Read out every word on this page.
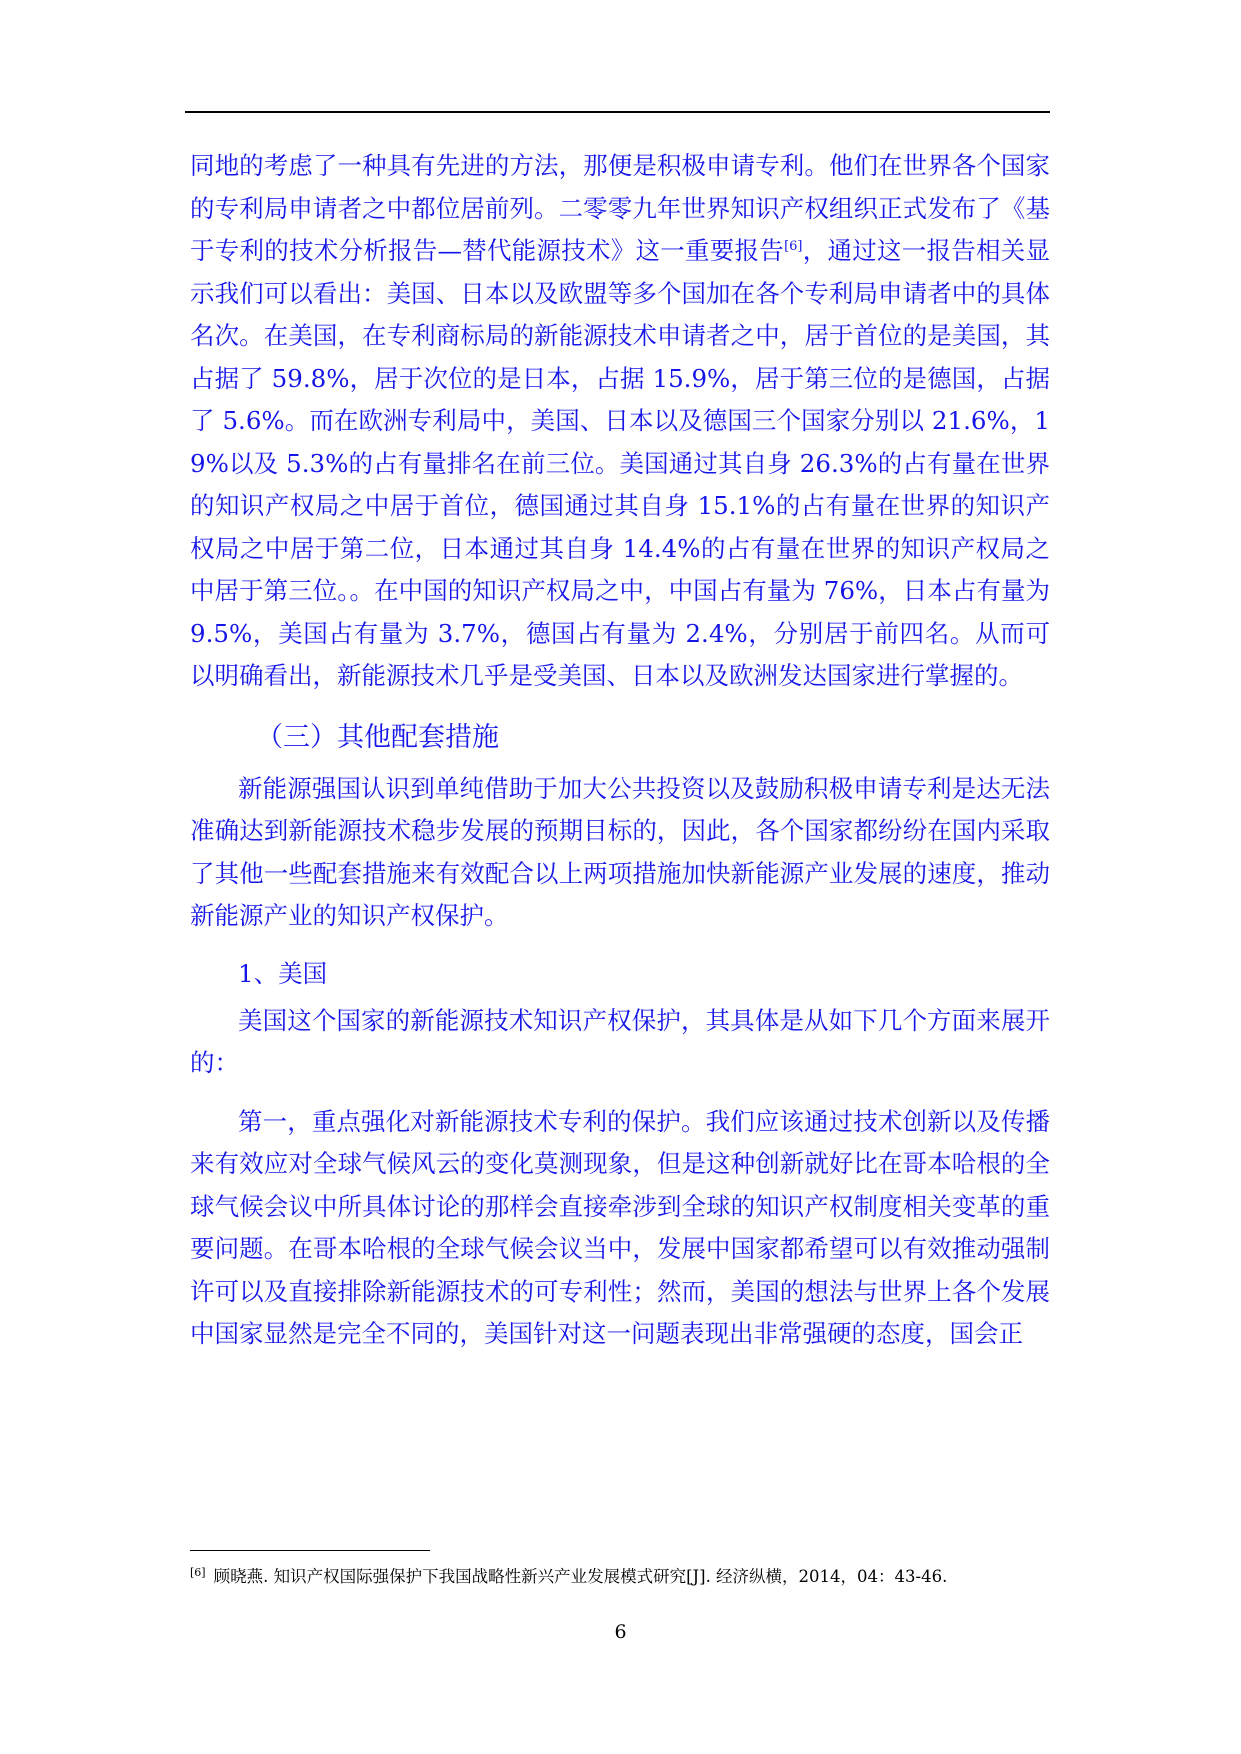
同地的考虑了一种具有先进的方法，那便是积极申请专利。他们在世界各个国家的专利局申请者之中都位居前列。二零零九年世界知识产权组织正式发布了《基于专利的技术分析报告—替代能源技术》这一重要报告[6]，通过这一报告相关显示我们可以看出：美国、日本以及欧盟等多个国加在各个专利局申请者中的具体名次。在美国，在专利商标局的新能源技术申请者之中，居于首位的是美国，其占据了 59.8%，居于次位的是日本，占据 15.9%，居于第三位的是德国，占据了 5.6%。而在欧洲专利局中，美国、日本以及德国三个国家分别以 21.6%，19%以及 5.3%的占有量排名在前三位。美国通过其自身 26.3%的占有量在世界的知识产权局之中居于首位，德国通过其自身 15.1%的占有量在世界的知识产权局之中居于第二位，日本通过其自身 14.4%的占有量在世界的知识产权局之中居于第三位。。在中国的知识产权局之中，中国占有量为 76%，日本占有量为 9.5%，美国占有量为 3.7%，德国占有量为 2.4%，分别居于前四名。从而可以明确看出，新能源技术几乎是受美国、日本以及欧洲发达国家进行掌握的。

（三）其他配套措施

新能源强国认识到单纯借助于加大公共投资以及鼓励积极申请专利是达无法准确达到新能源技术稳步发展的预期目标的，因此，各个国家都纷纷在国内采取了其他一些配套措施来有效配合以上两项措施加快新能源产业发展的速度，推动新能源产业的知识产权保护。

1、美国

美国这个国家的新能源技术知识产权保护，其具体是从如下几个方面来展开的：

第一，重点强化对新能源技术专利的保护。我们应该通过技术创新以及传播来有效应对全球气候风云的变化莫测现象，但是这种创新就好比在哥本哈根的全球气候会议中所具体讨论的那样会直接牵涉到全球的知识产权制度相关变革的重要问题。在哥本哈根的全球气候会议当中，发展中国家都希望可以有效推动强制许可以及直接排除新能源技术的可专利性；然而，美国的想法与世界上各个发展中国家显然是完全不同的，美国针对这一问题表现出非常强硬的态度，国会正

[6] 顾晓燕. 知识产权国际强保护下我国战略性新兴产业发展模式研究[J]. 经济纵横，2014，04：43-46.
6
